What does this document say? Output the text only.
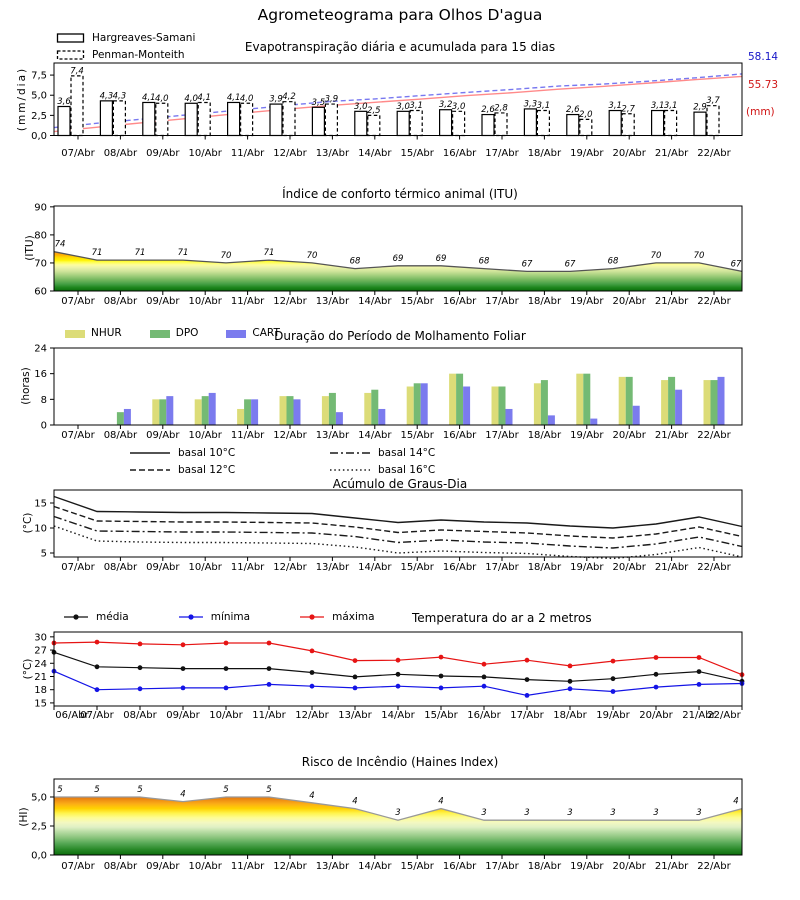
3,6
4,3	4,1	4,0	4,1	3,9	3,5	3,0	3,0	3,2	2,6
3,3
2,6	3,1	3,1	2,9
7,4
4,3	4,0	4,1	4,0	4,2	3,9
2,5	3,1	3,0	2,8	3,1
2,0
2,7	3,1	3,7
0,0
2,5
5,0
7,5
07/Abr 08/Abr 09/Abr 10/Abr 11/Abr 12/Abr 13/Abr 14/Abr 15/Abr 16/Abr 17/Abr 18/Abr 19/Abr 20/Abr 21/Abr 22/Abr
74
71	71	71	70	71	70
68	69	69	68	67	67	68
70	70
67
60
70
80
90
07/Abr 08/Abr 09/Abr 10/Abr 11/Abr 12/Abr 13/Abr 14/Abr 15/Abr 16/Abr 17/Abr 18/Abr 19/Abr 20/Abr 21/Abr 22/Abr
0
8
16
24
07/Abr 08/Abr 09/Abr 10/Abr 11/Abr 12/Abr 13/Abr 14/Abr 15/Abr 16/Abr 17/Abr 18/Abr 19/Abr 20/Abr 21/Abr 22/Abr
5
10
15
07/Abr 08/Abr 09/Abr 10/Abr 11/Abr 12/Abr 13/Abr 14/Abr 15/Abr 16/Abr 17/Abr 18/Abr 19/Abr 20/Abr 21/Abr 22/Abr
15
18
21
24
27
30
06/Abr
07/Abr 08/Abr 09/Abr 10/Abr 11/Abr 12/Abr 13/Abr 14/Abr 15/Abr 16/Abr 17/Abr 18/Abr 19/Abr 20/Abr 21/Abr
22/Abr
5	5	5	4	5	5
4
4
3
4
3	3	3	3	3	3
4
0,0
2,5
5,0
07/Abr 08/Abr 09/Abr 10/Abr 11/Abr 12/Abr 13/Abr 14/Abr 15/Abr 16/Abr 17/Abr 18/Abr 19/Abr 20/Abr 21/Abr 22/Abr
Agrometeograma para Olhos D'agua
Hargreaves-Samani
Penman-Monteith
Evapotranspiração diária e acumulada para 15 dias
(mm/dia)
58.14
55.73
(mm)
Índice de conforto térmico animal (ITU)
(ITU)
NHUR	DPO	CART
Duração do Período de Molhamento Foliar
(horas)
basal 10°C
basal 12°C
basal 14°C
basal 16°C
Acúmulo de Graus-Dia
(°C)
média	mínima	máxima	Temperatura do ar a 2 metros
(°C)
Risco de Incêndio (Haines Index)
(HI)
